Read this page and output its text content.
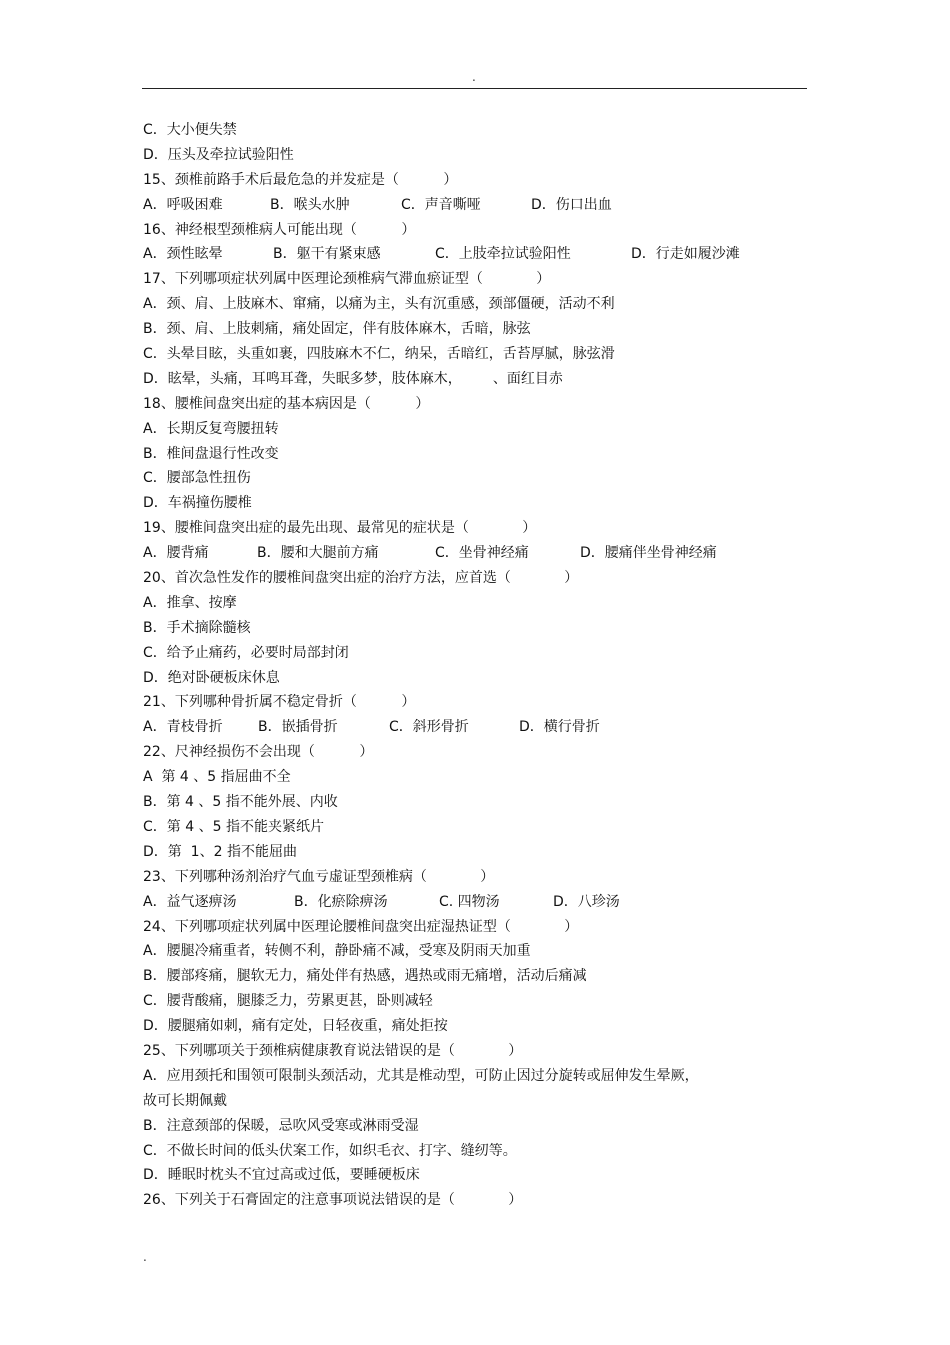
.
C．大小便失禁
D．压头及牵拉试验阳性
15、颈椎前路手术后最危急的并发症是（          ）
A．呼吸困难	B．喉头水肿	C．声音嘶哑	D．伤口出血
16、神经根型颈椎病人可能出现（          ）
A．颈性眩晕	B．躯干有紧束感	C．上肢牵拉试验阳性	D．行走如履沙滩
17、下列哪项症状列属中医理论颈椎病气滞血瘀证型（            ）
A．颈、肩、上肢麻木、窜痛，以痛为主，头有沉重感，颈部僵硬，活动不利
B．颈、肩、上肢刺痛，痛处固定，伴有肢体麻木，舌暗，脉弦
C．头晕目眩，头重如裹，四肢麻木不仁，纳呆，舌暗红，舌苔厚腻，脉弦滑
D．眩晕，头痛，耳鸣耳聋，失眠多梦，肢体麻木，       、面红目赤
18、腰椎间盘突出症的基本病因是（          ）
A．长期反复弯腰扭转
B．椎间盘退行性改变
C．腰部急性扭伤
D．车祸撞伤腰椎
19、腰椎间盘突出症的最先出现、最常见的症状是（            ）
A．腰背痛	B．腰和大腿前方痛	C．坐骨神经痛	D．腰痛伴坐骨神经痛
20、首次急性发作的腰椎间盘突出症的治疗方法，应首选（            ）
A．推拿、按摩
B．手术摘除髓核
C．给予止痛药，必要时局部封闭
D．绝对卧硬板床休息
21、下列哪种骨折属不稳定骨折（          ）
A．青枝骨折	B．嵌插骨折	C．斜形骨折	D．横行骨折
22、尺神经损伤不会出现（          ）
A  第 4 、5 指屈曲不全
B．第 4 、5 指不能外展、内收
C．第 4 、5 指不能夹紧纸片
D．第  1、2 指不能屈曲
23、下列哪种汤剂治疗气血亏虚证型颈椎病（            ）
A．益气逐痹汤	B．化瘀除痹汤	C. 四物汤	D．八珍汤
24、下列哪项症状列属中医理论腰椎间盘突出症湿热证型（            ）
A．腰腿冷痛重者，转侧不利，静卧痛不减，受寒及阴雨天加重
B．腰部疼痛，腿软无力，痛处伴有热感，遇热或雨无痛增，活动后痛减
C．腰背酸痛，腿膝乏力，劳累更甚，卧则减轻
D．腰腿痛如刺，痛有定处，日轻夜重，痛处拒按
25、下列哪项关于颈椎病健康教育说法错误的是（            ）
A．应用颈托和围领可限制头颈活动，尤其是椎动型，可防止因过分旋转或屈伸发生晕厥，
故可长期佩戴
B．注意颈部的保暖，忌吹风受寒或淋雨受湿
C．不做长时间的低头伏案工作，如织毛衣、打字、缝纫等。
D．睡眠时枕头不宜过高或过低，要睡硬板床
26、下列关于石膏固定的注意事项说法错误的是（            ）
.
